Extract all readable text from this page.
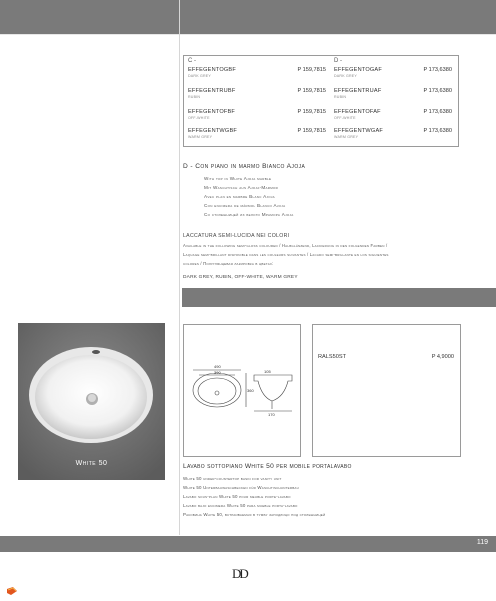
C -	D -
EFFEGENTOGBF	P 159,7815
DARK GREY
EFFEGENTRUBF	P 159,7815
RUBIN
EFFEGENTOFBF	P 159,7815
OFF-WHITE
EFFEGENTWGBF	P 159,7815
WARM GREY
EFFEGENTOGAF	P 173,6380
DARK GREY
EFFEGENTRUAF	P 173,6380
RUBIN
EFFEGENTOFAF	P 173,6380
OFF-WHITE
EFFEGENTWGAF	P 173,6380
WARM GREY
D - Con piano in marmo Bianco Ajoja
With top in White Ajoja marble
Mit Waschtisch aus Ajoja-Marmor
Avec plan en marbre Blanc Ajoja
Con encimera de mármol Blanco Ajoja
Со столешницей из белого Мрамора Ajoja
LACCATURA SEMI-LUCIDA NEI COLORI
Available in the following semi-gloss coloured / Halbglänzend, Lackierung in den folgenden Farben /
Laquage semi-brillant disponible dans les couleurs suivantes / Lacado semi-brillante en los siguientes
colores / Полуглянцевая лакировка в цветах:
DARK GREY, RUBIN, OFF-WHITE, WARM GREY
White 50
490
390
360
105
170
RALS50ST	P 4,9000
Lavabo sottopiano White 50 per mobile portalavabo
White 50 under-countertop basin for vanity unit
White 50 Unterbauwaschbecken für Waschtischunterbau
Lavabo sous-plan White 50 pour meuble porte-lavabo
Lavabo bajo encimera White 50 para mueble porta-lavabo
Раковина White 50, встраиваемая в тумбу заподлицо под столешницей
119
DD
